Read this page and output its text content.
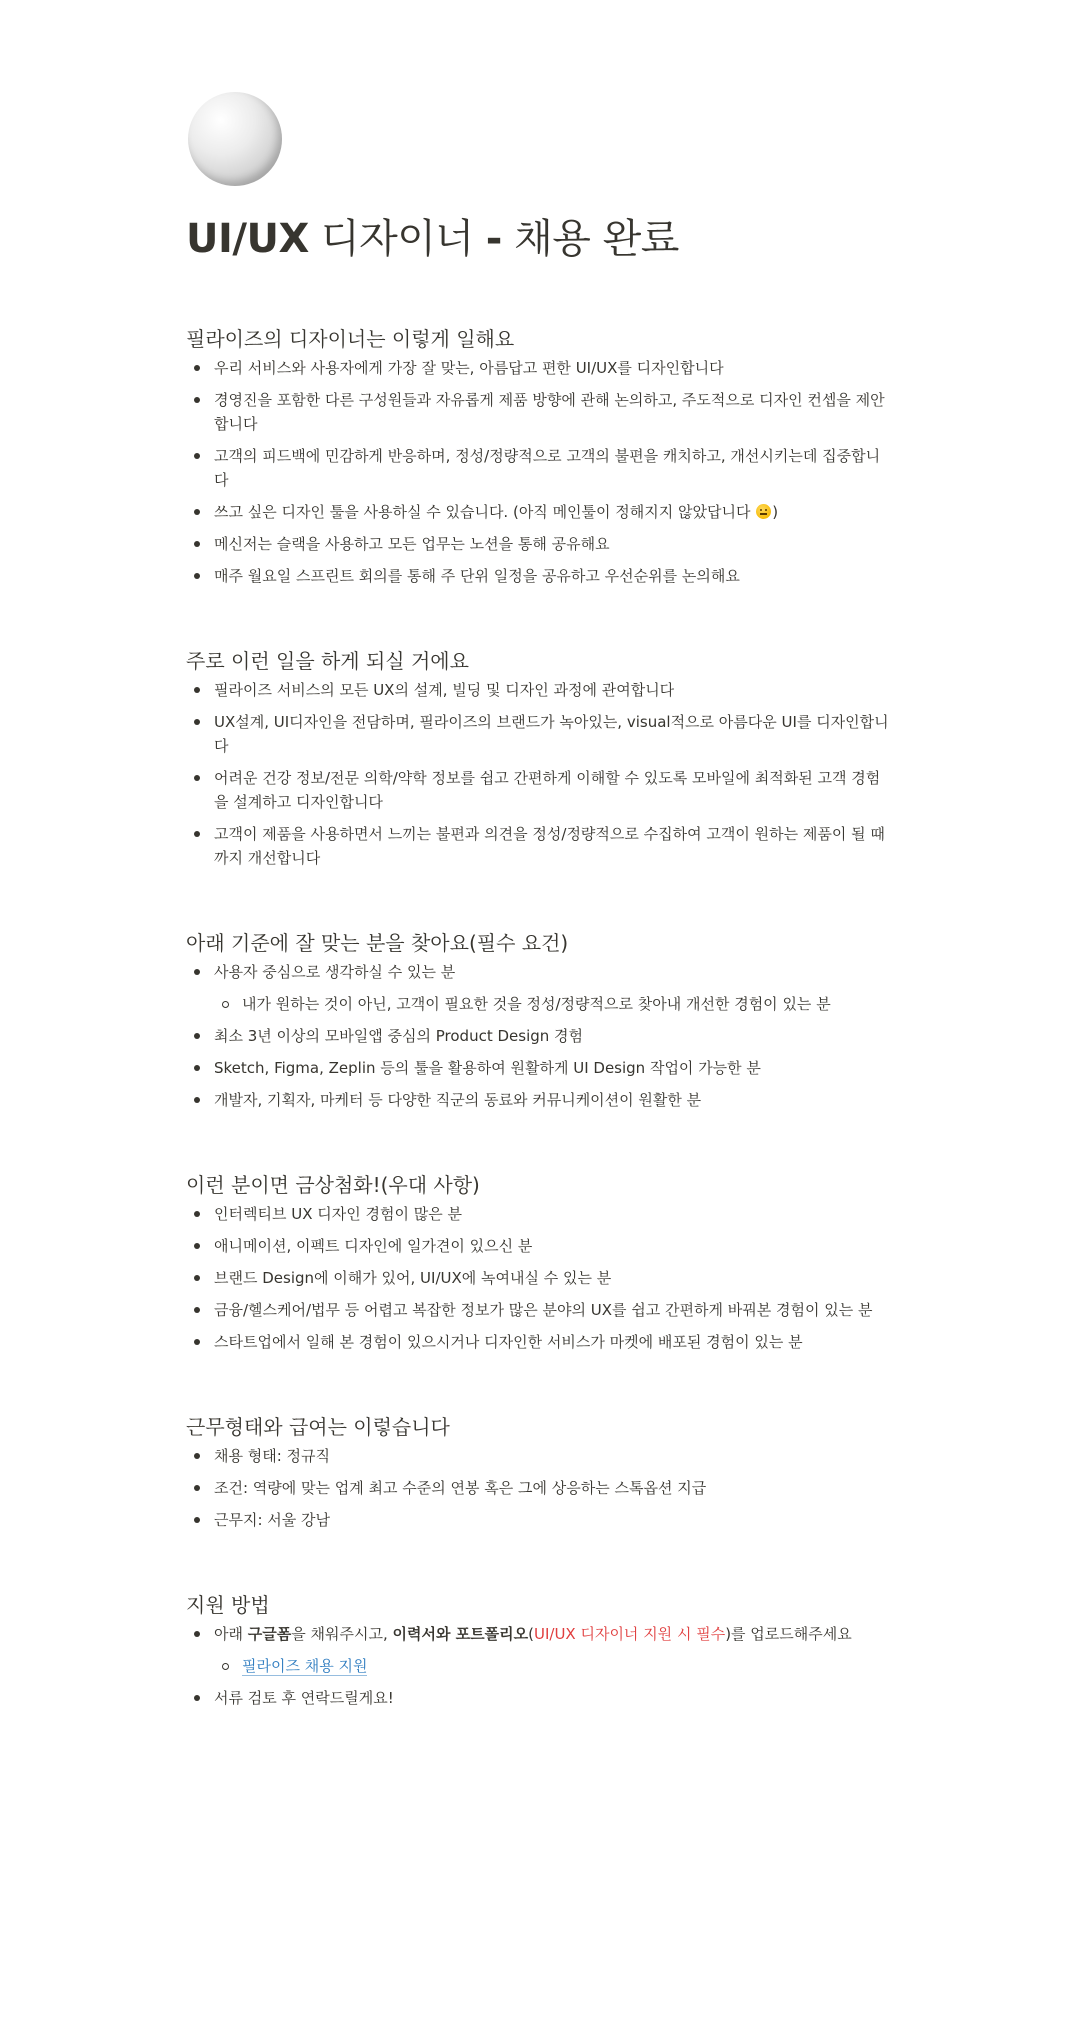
UI/UX 디자이너 - 채용 완료
필라이즈의 디자이너는 이렇게 일해요
우리 서비스와 사용자에게 가장 잘 맞는, 아름답고 편한 UI/UX를 디자인합니다
경영진을 포함한 다른 구성원들과 자유롭게 제품 방향에 관해 논의하고, 주도적으로 디자인 컨셉을 제안합니다
고객의 피드백에 민감하게 반응하며, 정성/정량적으로 고객의 불편을 캐치하고, 개선시키는데 집중합니다
쓰고 싶은 디자인 툴을 사용하실 수 있습니다. (아직 메인툴이 정해지지 않았답니다 )
메신저는 슬랙을 사용하고 모든 업무는 노션을 통해 공유해요
매주 월요일 스프린트 회의를 통해 주 단위 일정을 공유하고 우선순위를 논의해요
주로 이런 일을 하게 되실 거에요
필라이즈 서비스의 모든 UX의 설계, 빌딩 및 디자인 과정에 관여합니다
UX설계, UI디자인을 전담하며, 필라이즈의 브랜드가 녹아있는, visual적으로 아름다운 UI를 디자인합니다
어려운 건강 정보/전문 의학/약학 정보를 쉽고 간편하게 이해할 수 있도록 모바일에 최적화된 고객 경험을 설계하고 디자인합니다
고객이 제품을 사용하면서 느끼는 불편과 의견을 정성/정량적으로 수집하여 고객이 원하는 제품이 될 때까지 개선합니다
아래 기준에 잘 맞는 분을 찾아요(필수 요건)
사용자 중심으로 생각하실 수 있는 분
내가 원하는 것이 아닌, 고객이 필요한 것을 정성/정량적으로 찾아내 개선한 경험이 있는 분
최소 3년 이상의 모바일앱 중심의 Product Design 경험
Sketch, Figma, Zeplin 등의 툴을 활용하여 원활하게 UI Design 작업이 가능한 분
개발자, 기획자, 마케터 등 다양한 직군의 동료와 커뮤니케이션이 원활한 분
이런 분이면 금상첨화!(우대 사항)
인터렉티브 UX 디자인 경험이 많은 분
애니메이션, 이펙트 디자인에 일가견이 있으신 분
브랜드 Design에 이해가 있어, UI/UX에 녹여내실 수 있는 분
금융/헬스케어/법무 등 어렵고 복잡한 정보가 많은 분야의 UX를 쉽고 간편하게 바꿔본 경험이 있는 분
스타트업에서 일해 본 경험이 있으시거나 디자인한 서비스가 마켓에 배포된 경험이 있는 분
근무형태와 급여는 이렇습니다
채용 형태: 정규직
조건: 역량에 맞는 업계 최고 수준의 연봉 혹은 그에 상응하는 스톡옵션 지급
근무지: 서울 강남
지원 방법
아래 구글폼을 채워주시고, 이력서와 포트폴리오(UI/UX 디자이너 지원 시 필수)를 업로드해주세요
필라이즈 채용 지원
서류 검토 후 연락드릴게요!
